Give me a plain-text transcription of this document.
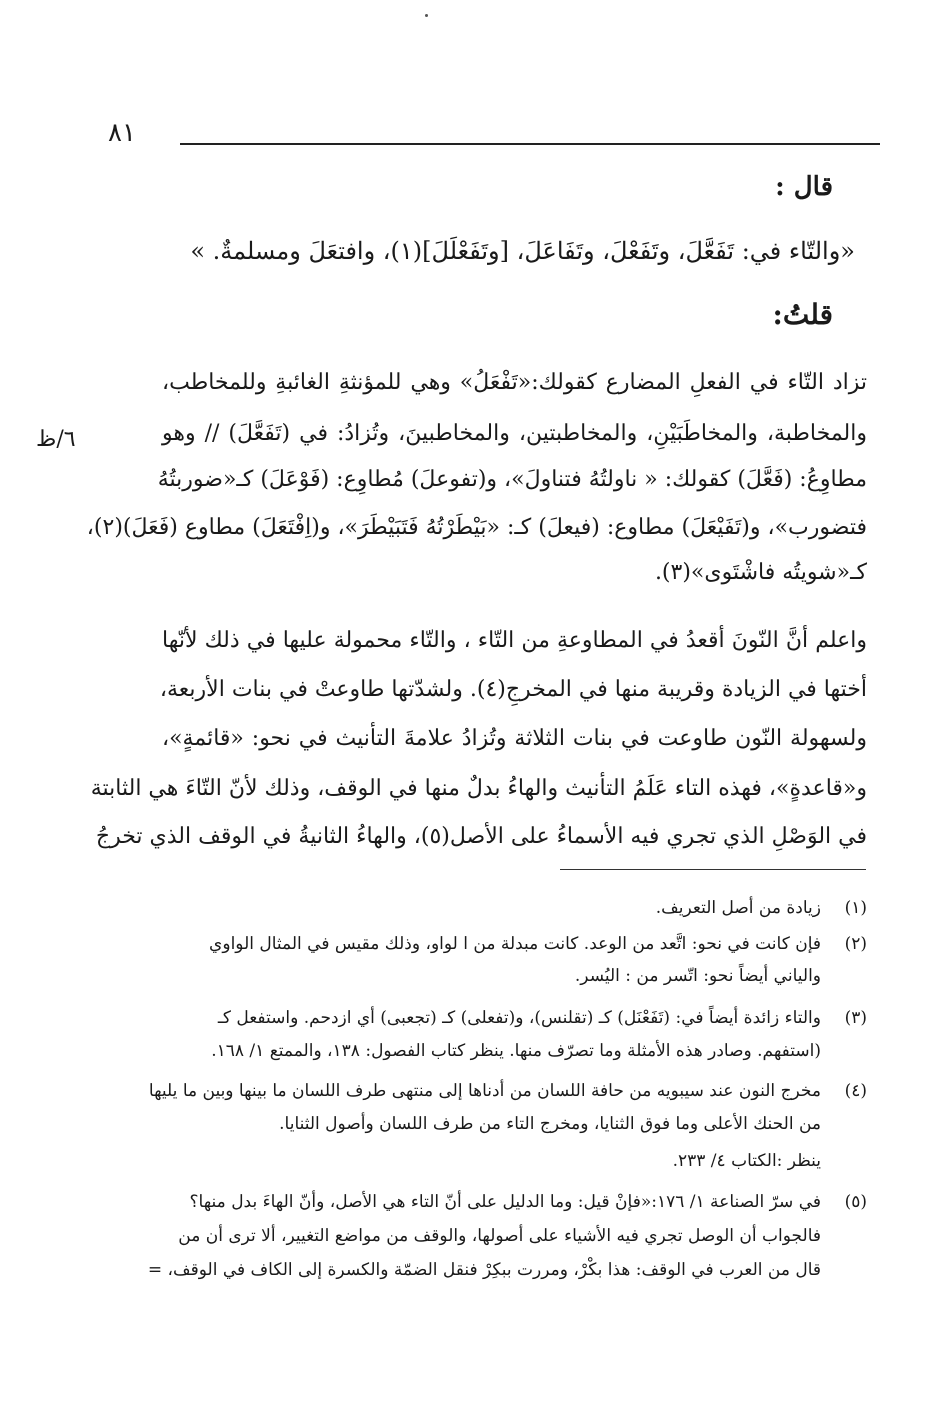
٨١
قال :
«والتّاء في: تَفَعَّلَ، وتَفَعْلَ، وتَفَاعَلَ، [وتَفَعْلَلَ](١)، وافتعَلَ ومسلمةٌ. »
قلتُ:
٦/ظ
تزاد التّاء في الفعلِ المضارع كقولك:«تَفْعَلُ» وهي للمؤنثةِ الغائبةِ وللمخاطب،
والمخاطبة، والمخاطَبَيْنِ، والمخاطبتين، والمخاطبينَ، وتُزادُ: في (تَفَعَّلَ) // وهو
مطاوِعُ: (فَعَّلَ) كقولك: « ناولتُهُ فتناولَ»، و(تفوعلَ) مُطاوِع: (فَوْعَلَ) كـ«ضوربتُهُ
فتضورب»، و(تَفَيْعَلَ) مطاوع: (فيعلَ) كـ: «بَيْطَرْتُهُ فَتَبَيْطَرَ»، و(اِفْتَعَلَ) مطاوع (فَعَلَ)(٢)،
كـ«شويتُه فاشْتَوى»(٣).
واعلم أنَّ النّونَ أقعدُ في المطاوعةِ من التّاء ، والتّاء محمولة عليها في ذلك لأنّها
أختها في الزيادة وقريبة منها في المخرجِ(٤). ولشدّتها طاوعتْ في بنات الأربعة،
ولسهولة النّون طاوعت في بنات الثلاثة وتُزادُ علامةَ التأنيث في نحو: «قائمةٍ»،
و«قاعدةٍ»، فهذه التاء عَلَمُ التأنيث والهاءُ بدلٌ منها في الوقف، وذلك لأنّ التّاءَ هي الثابتة
في الوَصْلِ الذي تجري فيه الأسماءُ على الأصل(٥)، والهاءُ الثانيةُ في الوقف الذي تخرجُ
(١)زيادة من أصل التعريف.
(٢)فإن كانت في نحو: اتَّعد من الوعد. كانت مبدلة من ا لواو، وذلك مقيس في المثال الواوي
والياني أيضاً نحو: اتّسر من : اليُسر.
(٣)والتاء زائدة أيضاً في: (تَفَعْنَل) كـ (تقلنس)، و(تفعلى) كـ (تجعبى) أي ازدحم. واستفعل كـ
(استفهم. وصادر هذه الأمثلة وما تصرّف منها. ينظر كتاب الفصول: ١٣٨، والممتع ١/ ١٦٨.
(٤)مخرج النون عند سيبويه من حافة اللسان من أدناها إلى منتهى طرف اللسان ما بينها وبين ما يليها
من الحنك الأعلى وما فوق الثنايا، ومخرج التاء من طرف اللسان وأصول الثنايا.
ينظر :الكتاب ٤/ ٢٣٣.
(٥)في سرّ الصناعة ١/ ١٧٦:«فإنْ قيل: وما الدليل على أنّ التاء هي الأصل، وأنّ الهاءَ بدل منها؟
فالجواب أن الوصل تجري فيه الأشياء على أصولها، والوقف من مواضع التغيير، ألا ترى أن من
قال من العرب في الوقف: هذا بكْرْ، ومررت ببكِرْ فنقل الضمّة والكسرة إلى الكاف في الوقف، =
